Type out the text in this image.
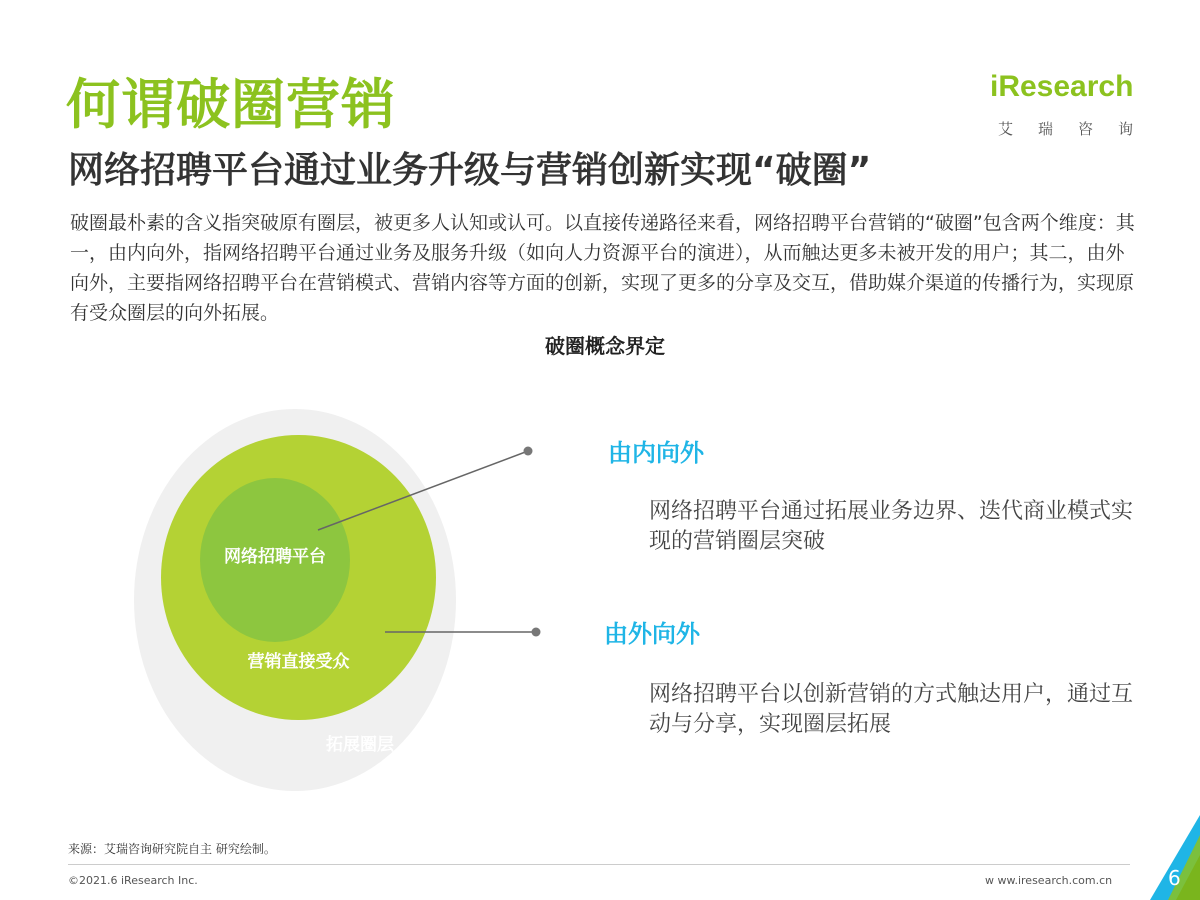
何谓破圈营销
网络招聘平台通过业务升级与营销创新实现“破圈”
iResearch
艾瑞咨询
破圈最朴素的含义指突破原有圈层，被更多人认知或认可。以直接传递路径来看，网络招聘平台营销的“破圈”包含两个维度：其一，由内向外，指网络招聘平台通过业务及服务升级（如向人力资源平台的演进），从而触达更多未被开发的用户；其二，由外向外，主要指网络招聘平台在营销模式、营销内容等方面的创新，实现了更多的分享及交互，借助媒介渠道的传播行为，实现原有受众圈层的向外拓展。
破圈概念界定
网络招聘平台
营销直接受众
拓展圈层
由内向外
网络招聘平台通过拓展业务边界、迭代商业模式实现的营销圈层突破
由外向外
网络招聘平台以创新营销的方式触达用户，通过互动与分享，实现圈层拓展
来源：艾瑞咨询研究院自主 研究绘制。
©2021.6 iResearch Inc.	w ww.iresearch.com.cn	6
